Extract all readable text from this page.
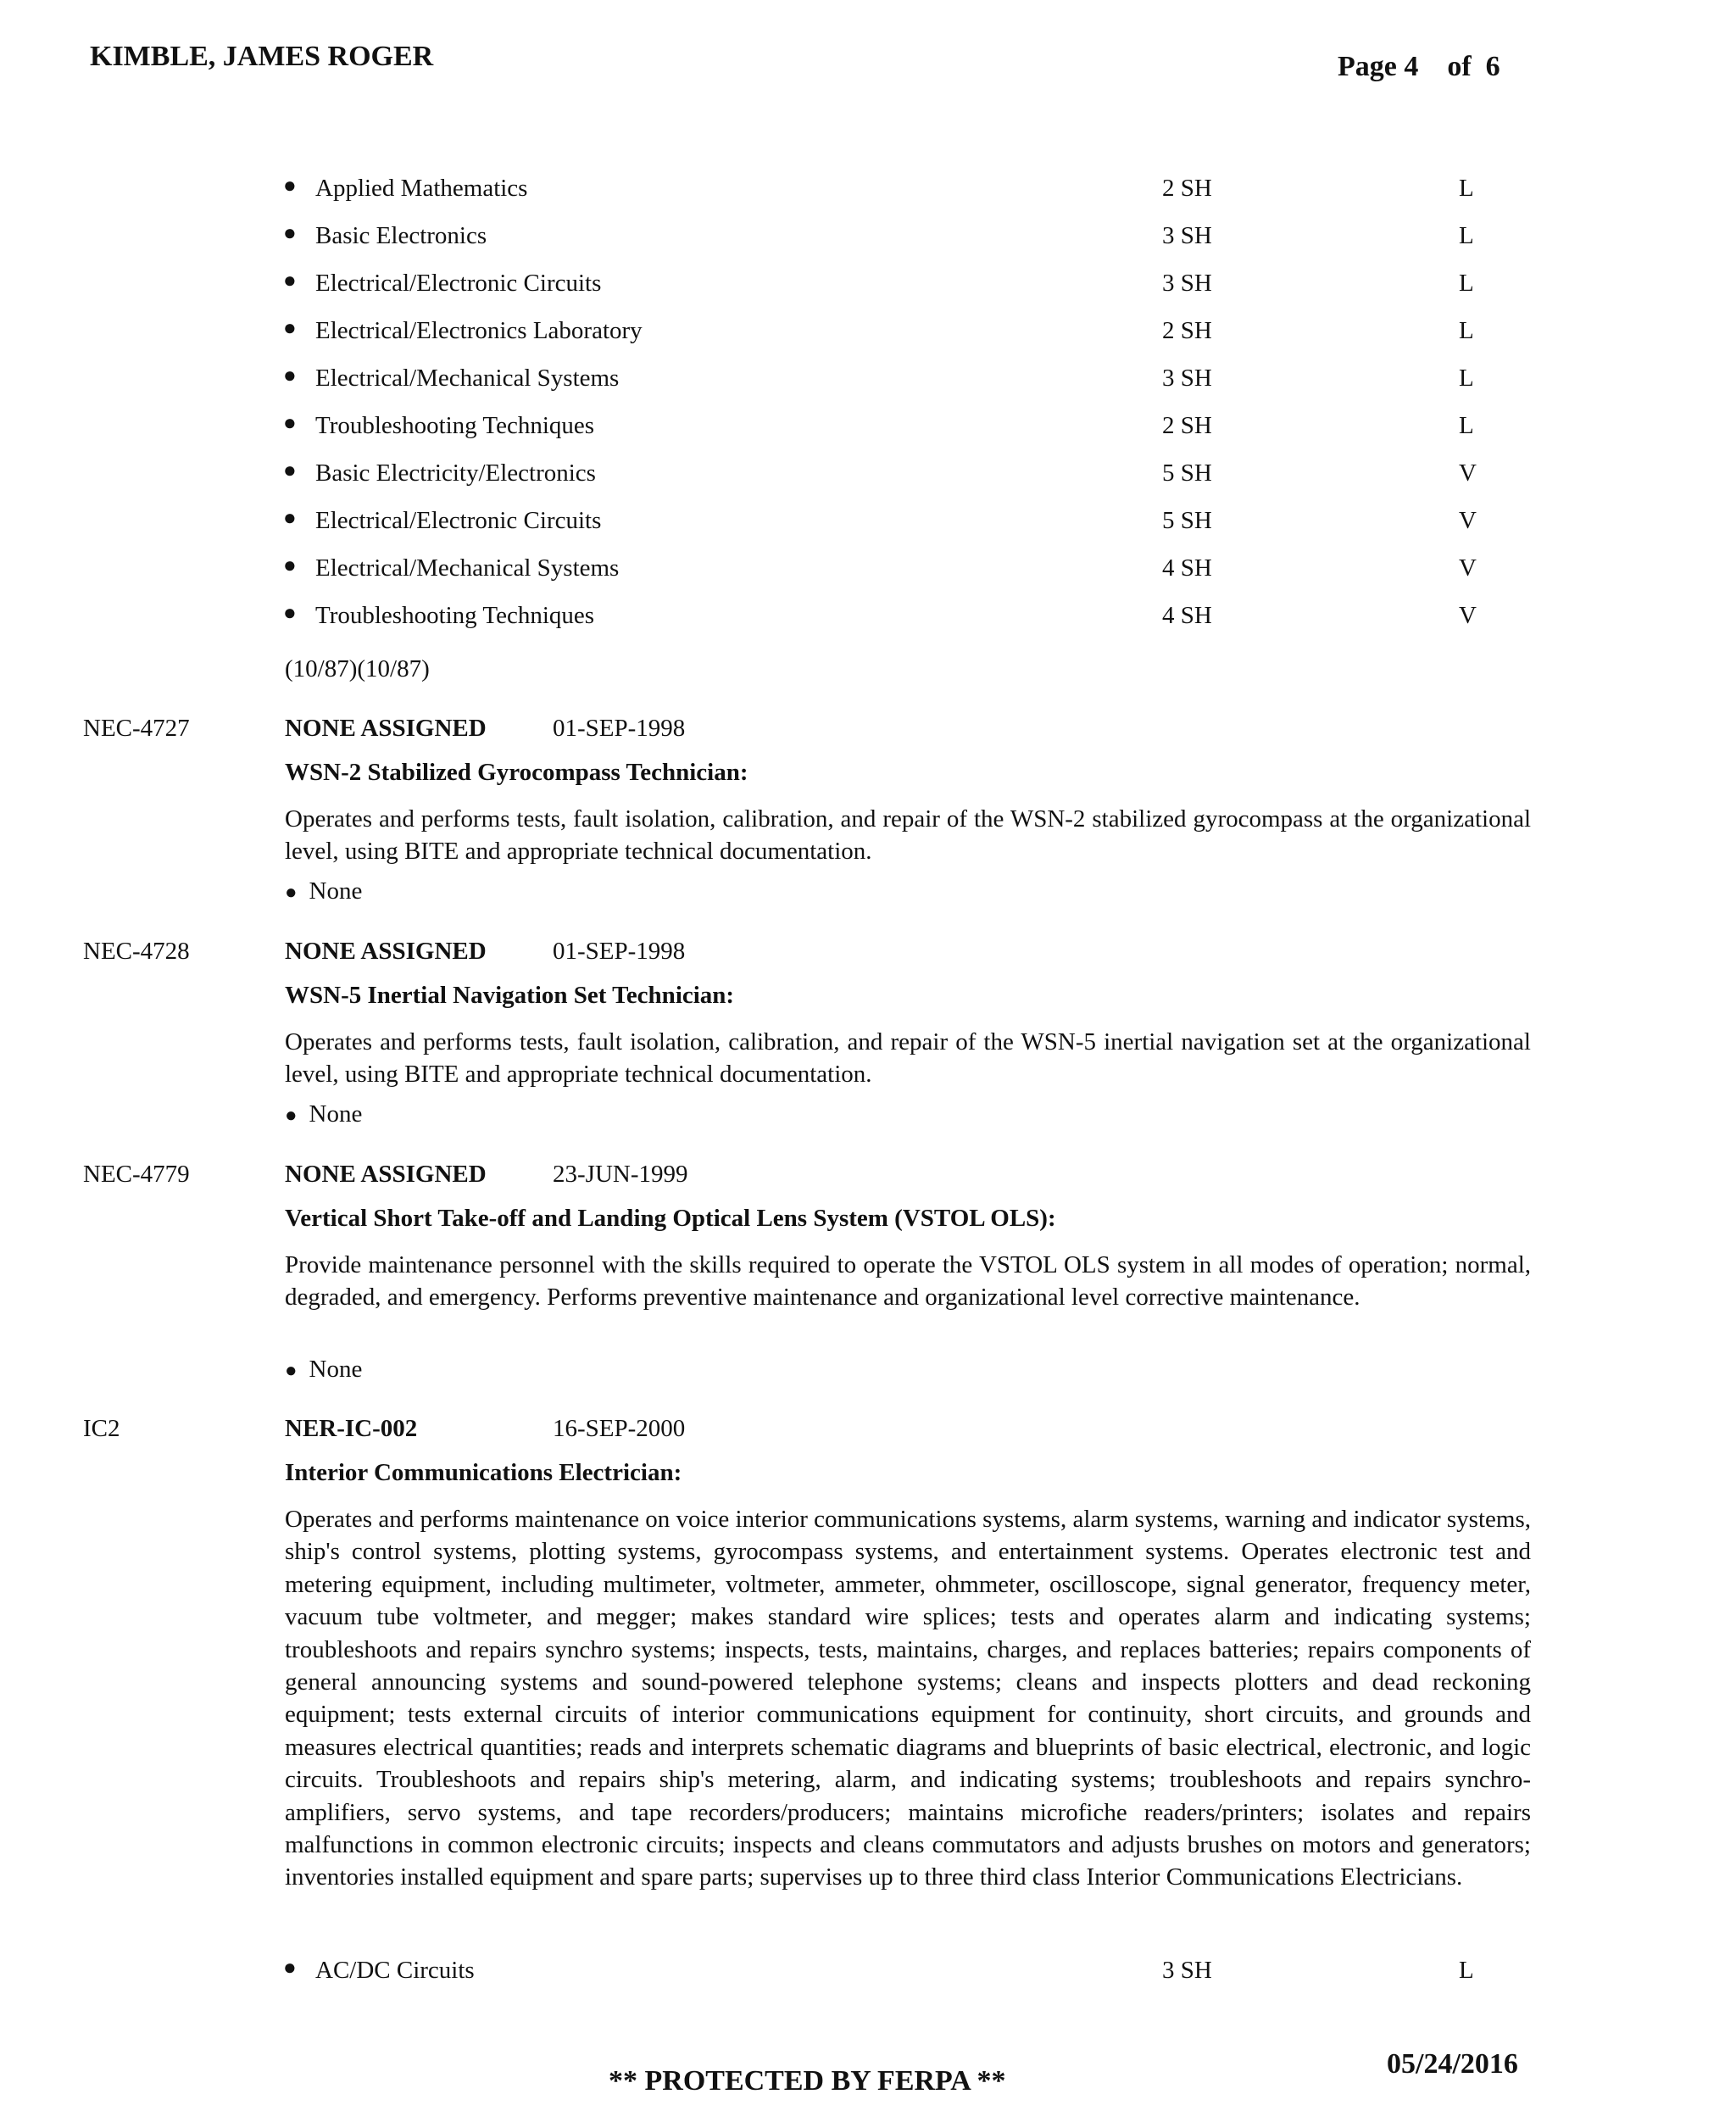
KIMBLE, JAMES ROGER	Page 4    of  6
● Applied Mathematics	2 SH	L
● Basic Electronics	3 SH	L
● Electrical/Electronic Circuits	3 SH	L
● Electrical/Electronics Laboratory	2 SH	L
● Electrical/Mechanical Systems	3 SH	L
● Troubleshooting Techniques	2 SH	L
● Basic Electricity/Electronics	5 SH	V
● Electrical/Electronic Circuits	5 SH	V
● Electrical/Mechanical Systems	4 SH	V
● Troubleshooting Techniques	4 SH	V
(10/87)(10/87)
NEC-4727	NONE ASSIGNED	01-SEP-1998
WSN-2 Stabilized Gyrocompass Technician:
Operates and performs tests, fault isolation, calibration, and repair of the WSN-2 stabilized gyrocompass at the organizational level, using BITE and appropriate technical documentation.
● None
NEC-4728	NONE ASSIGNED	01-SEP-1998
WSN-5 Inertial Navigation Set Technician:
Operates and performs tests, fault isolation, calibration, and repair of the WSN-5 inertial navigation set at the organizational level, using BITE and appropriate technical documentation.
● None
NEC-4779	NONE ASSIGNED	23-JUN-1999
Vertical Short Take-off and Landing Optical Lens System (VSTOL OLS):
Provide maintenance personnel with the skills required to operate the VSTOL OLS system in all modes of operation; normal, degraded, and emergency. Performs preventive maintenance and organizational level corrective maintenance.
● None
IC2	NER-IC-002	16-SEP-2000
Interior Communications Electrician:
Operates and performs maintenance on voice interior communications systems, alarm systems, warning and indicator systems, ship's control systems, plotting systems, gyrocompass systems, and entertainment systems. Operates electronic test and metering equipment, including multimeter, voltmeter, ammeter, ohmmeter, oscilloscope, signal generator, frequency meter, vacuum tube voltmeter, and megger; makes standard wire splices; tests and operates alarm and indicating systems; troubleshoots and repairs synchro systems; inspects, tests, maintains, charges, and replaces batteries; repairs components of general announcing systems and sound-powered telephone systems; cleans and inspects plotters and dead reckoning equipment; tests external circuits of interior communications equipment for continuity, short circuits, and grounds and measures electrical quantities; reads and interprets schematic diagrams and blueprints of basic electrical, electronic, and logic circuits. Troubleshoots and repairs ship's metering, alarm, and indicating systems; troubleshoots and repairs synchro-amplifiers, servo systems, and tape recorders/producers; maintains microfiche readers/printers; isolates and repairs malfunctions in common electronic circuits; inspects and cleans commutators and adjusts brushes on motors and generators; inventories installed equipment and spare parts; supervises up to three third class Interior Communications Electricians.
● AC/DC Circuits	3 SH	L
** PROTECTED BY FERPA **
05/24/2016
